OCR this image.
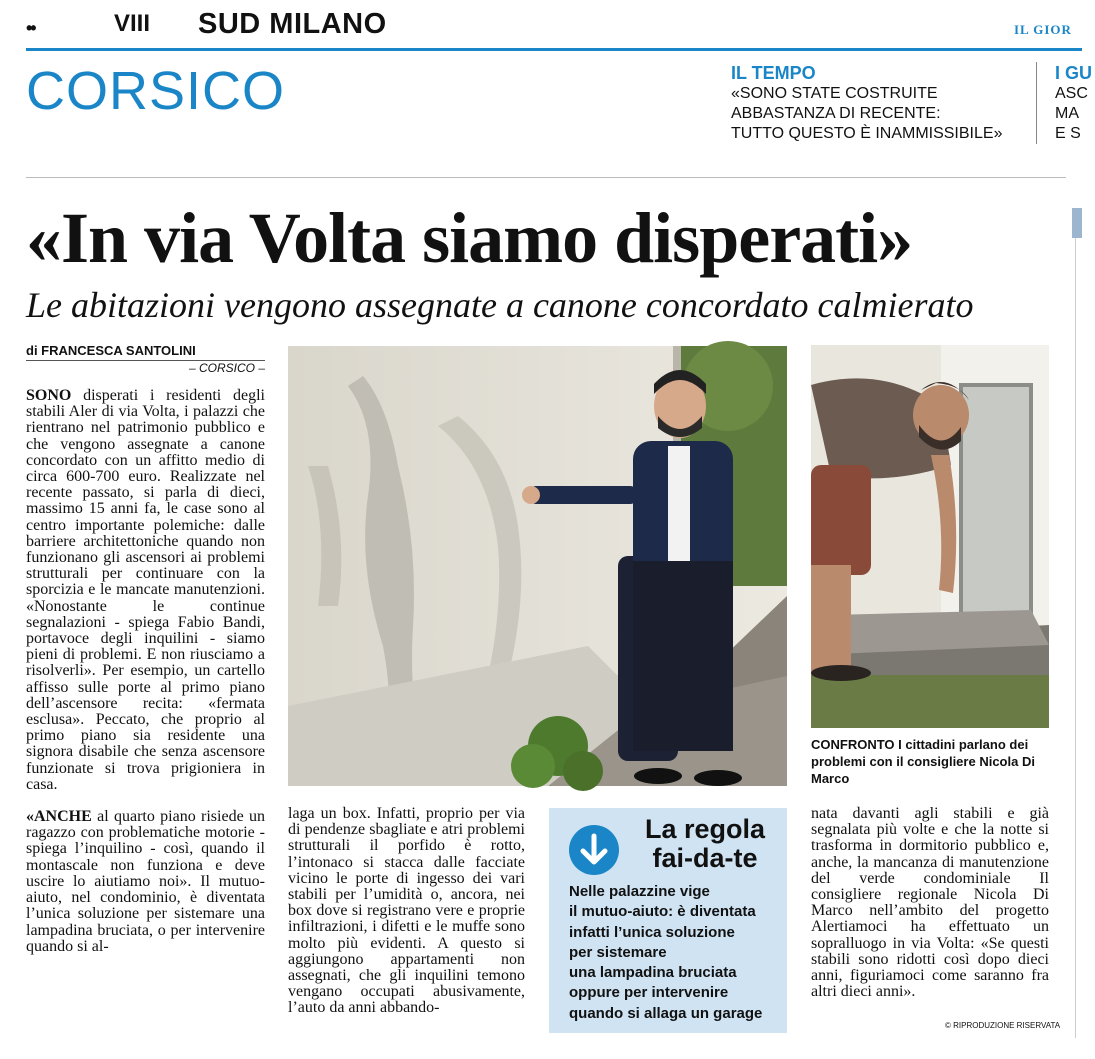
••	VIII SUD MILANO	IL GIOR
CORSICO	IL TEMPO
«SONO STATE COSTRUITE
ABBASTANZA DI RECENTE:
TUTTO QUESTO È INAMMISSIBILE»
I GU
ASC
MA
E S
«In via Volta siamo disperati»
Le abitazioni vengono assegnate a canone concordato calmierato
di FRANCESCA SANTOLINI
– CORSICO –

SONO disperati i residenti degli stabili Aler di via Volta, i palazzi che rientrano nel patrimonio pubblico e che vengono assegnate a canone concordato con un affitto medio di circa 600-700 euro. Realizzate nel recente passato, si parla di dieci, massimo 15 anni fa, le case sono al centro importante polemiche: dalle barriere architettoniche quando non funzionano gli ascensori ai problemi strutturali per continuare con la sporcizia e le mancate manutenzioni. «Nonostante le continue segnalazioni - spiega Fabio Bandi, portavoce degli inquilini - siamo pieni di problemi. E non riusciamo a risolverli». Per esempio, un cartello affisso sulle porte al primo piano dell’ascensore recita: «fermata esclusa». Peccato, che proprio al primo piano sia residente una signora disabile che senza ascensore funzionate si trova prigioniera in casa.

«ANCHE al quarto piano risiede un ragazzo con problematiche motorie - spiega l’inquilino - così, quando il montascale non funziona e deve uscire lo aiutiamo noi». Il mutuo-aiuto, nel condominio, è diventata l’unica soluzione per sistemare una lampadina bruciata, o per intervenire quando si al-

CONFRONTO I cittadini parlano dei problemi con il consigliere Nicola Di Marco

laga un box. Infatti, proprio per via di pendenze sbagliate e atri problemi strutturali il porfido è rotto, l’intonaco si stacca dalle facciate vicino le porte di ingesso dei vari stabili per l’umidità o, ancora, nei box dove si registrano vere e proprie infiltrazioni, i difetti e le muffe sono molto più evidenti. A questo si aggiungono appartamenti non assegnati, che gli inquilini temono vengano occupati abusivamente, l’auto da anni abbando-

La regola
fai-da-te
Nelle palazzine vige
il mutuo-aiuto: è diventata
infatti l’unica soluzione
per sistemare
una lampadina bruciata
oppure per intervenire
quando si allaga un garage

nata davanti agli stabili e già segnalata più volte e che la notte si trasforma in dormitorio pubblico e, anche, la mancanza di manutenzione del verde condominiale Il consigliere regionale Nicola Di Marco nell’ambito del progetto Alertiamoci ha effettuato un sopralluogo in via Volta: «Se questi stabili sono ridotti così dopo dieci anni, figuriamoci come saranno fra altri dieci anni».

© RIPRODUZIONE RISERVATA
